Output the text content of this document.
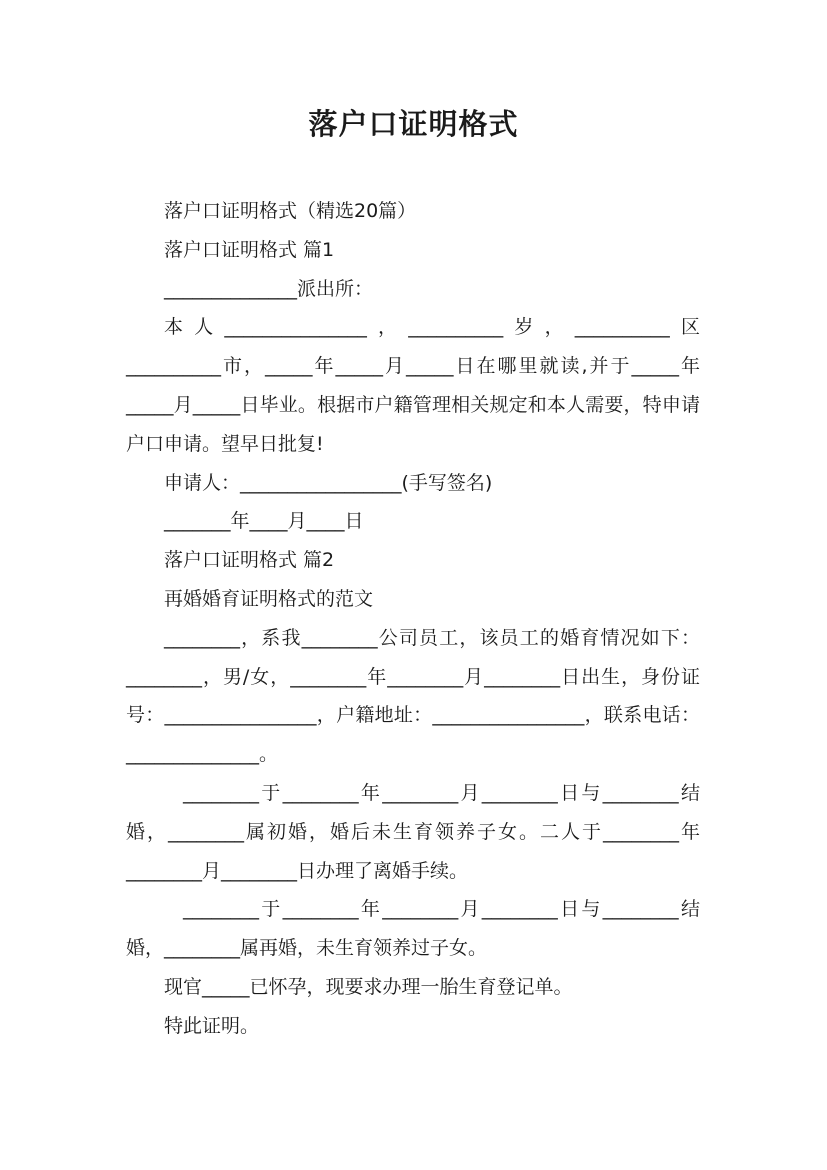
落户口证明格式

落户口证明格式（精选20篇）

落户口证明格式 篇1

______________派出所：

本人_______________，__________岁，__________区__________市，_____年_____月_____日在哪里就读,并于_____年_____月_____日毕业。根据市户籍管理相关规定和本人需要，特申请户口申请。望早日批复!

申请人：_________________(手写签名)

_______年____月____日

落户口证明格式 篇2

再婚婚育证明格式的范文

________，系我________公司员工，该员工的婚育情况如下：________，男/女，________年________月________日出生，身份证号：________________，户籍地址：________________，联系电话：______________。

________于________年________月________日与________结婚，________属初婚，婚后未生育领养子女。二人于________年________月________日办理了离婚手续。

________于________年________月________日与________结婚，________属再婚，未生育领养过子女。

现官_____已怀孕，现要求办理一胎生育登记单。

特此证明。
